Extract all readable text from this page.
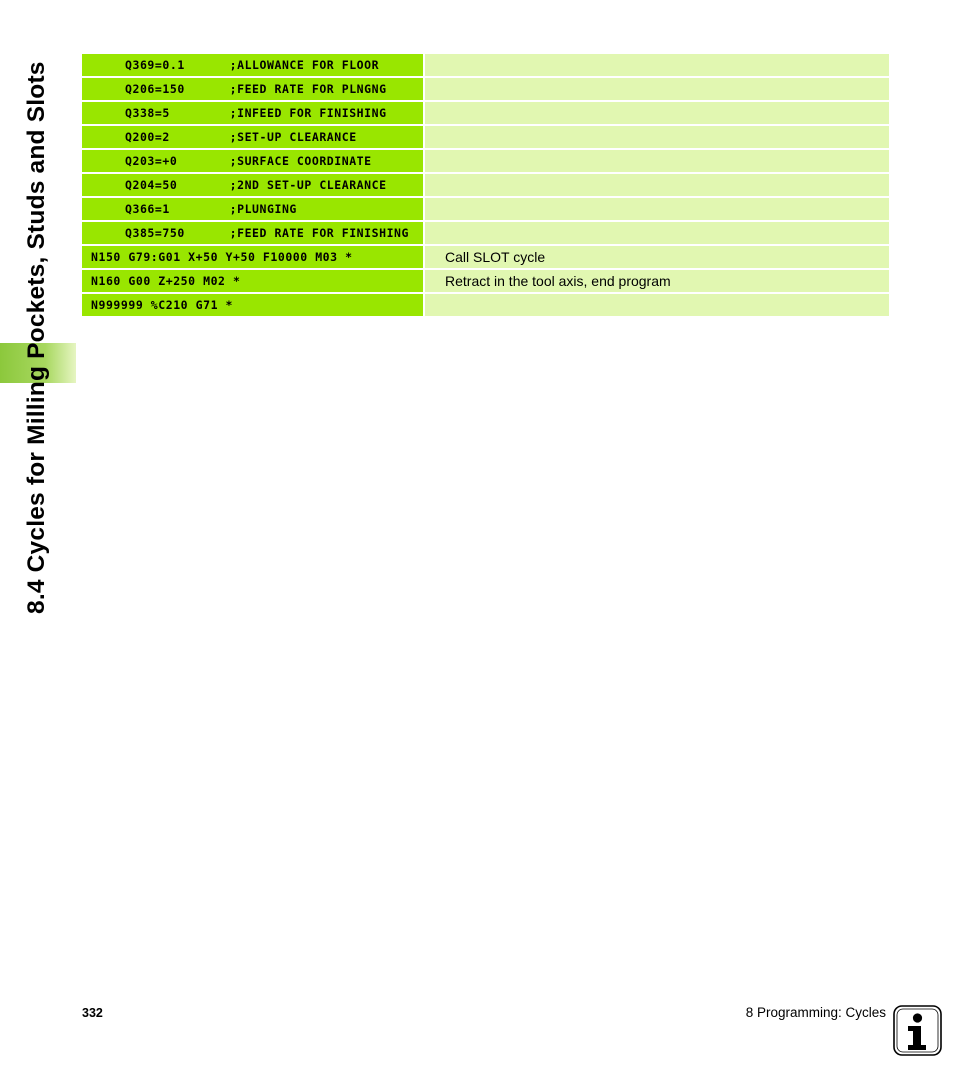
8.4 Cycles for Milling Pockets, Studs and Slots	Q369=0.1      ;ALLOWANCE FOR FLOOR
Q206=150      ;FEED RATE FOR PLNGNG
Q338=5        ;INFEED FOR FINISHING
Q200=2        ;SET-UP CLEARANCE
Q203=+0       ;SURFACE COORDINATE
Q204=50       ;2ND SET-UP CLEARANCE
Q366=1        ;PLUNGING
Q385=750      ;FEED RATE FOR FINISHING
N150 G79:G01 X+50 Y+50 F10000 M03 *	Call SLOT cycle
N160 G00 Z+250 M02 *	Retract in the tool axis, end program
N999999 %C210 G71 *
332	8 Programming: Cycles
